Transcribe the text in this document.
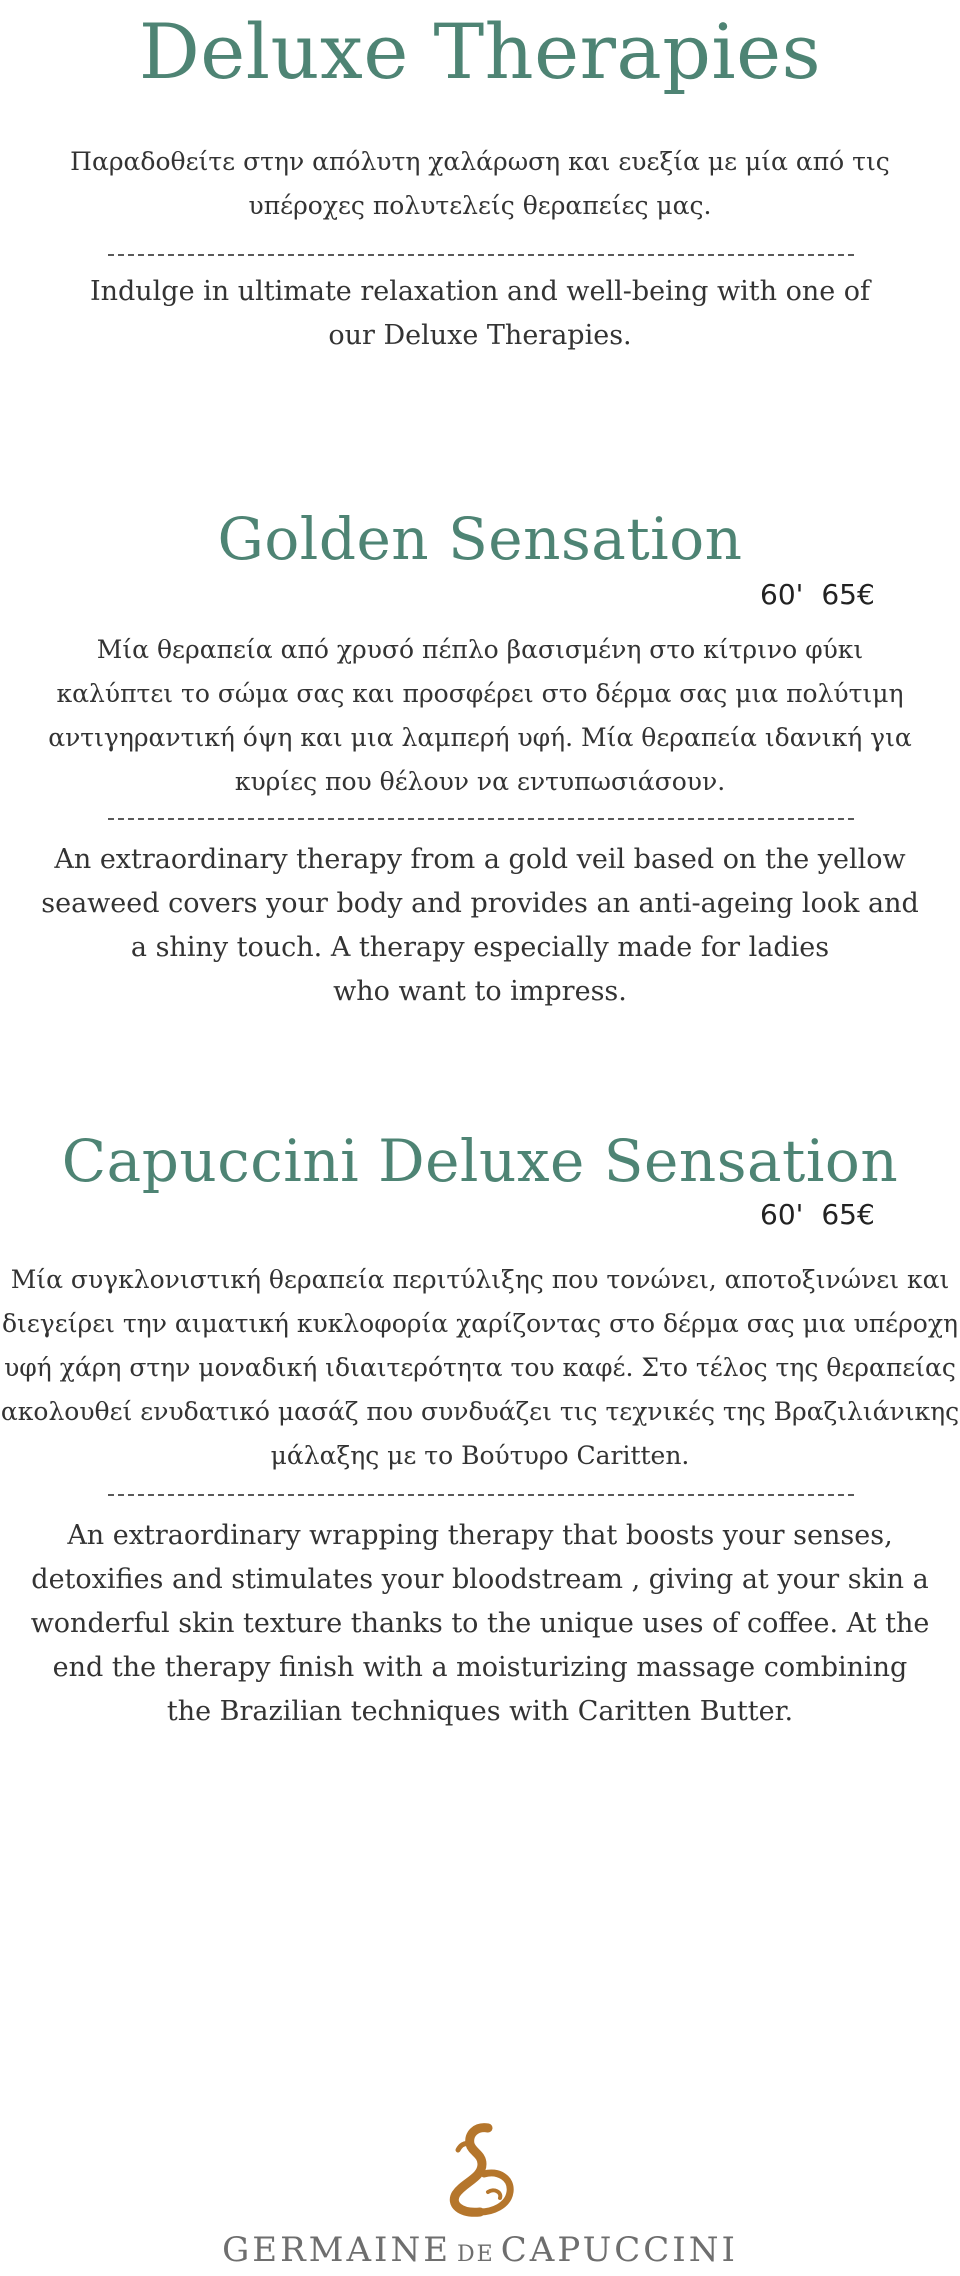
Deluxe Therapies
Παραδοθείτε στην απόλυτη χαλάρωση και ευεξία με μία από τις
υπέροχες πολυτελείς θεραπείες μας.
Indulge in ultimate relaxation and well-being with one of
our Deluxe Therapies.
Golden Sensation
60' 65€
Μία θεραπεία από χρυσό πέπλο βασισμένη στο κίτρινο φύκι
καλύπτει το σώμα σας και προσφέρει στο δέρμα σας μια πολύτιμη
αντιγηραντική όψη και μια λαμπερή υφή. Μία θεραπεία ιδανική για
κυρίες που θέλουν να εντυπωσιάσουν.
An extraordinary therapy from a gold veil based on the yellow
seaweed covers your body and provides an anti-ageing look and
a shiny touch. A therapy especially made for ladies
who want to impress.
Capuccini Deluxe Sensation
60' 65€
Μία συγκλονιστική θεραπεία περιτύλιξης που τονώνει, αποτοξινώνει και
διεγείρει την αιματική κυκλοφορία χαρίζοντας στο δέρμα σας μια υπέροχη
υφή χάρη στην μοναδική ιδιαιτερότητα του καφέ. Στο τέλος της θεραπείας
ακολουθεί ενυδατικό μασάζ που συνδυάζει τις τεχνικές της Βραζιλιάνικης
μάλαξης με το Βούτυρο Caritten.
An extraordinary wrapping therapy that boosts your senses,
detoxifies and stimulates your bloodstream , giving at your skin a
wonderful skin texture thanks to the unique uses of coffee. At the
end the therapy finish with a moisturizing massage combining
the Brazilian techniques with Caritten Butter.
GERMAINE DE CAPUCCINI
